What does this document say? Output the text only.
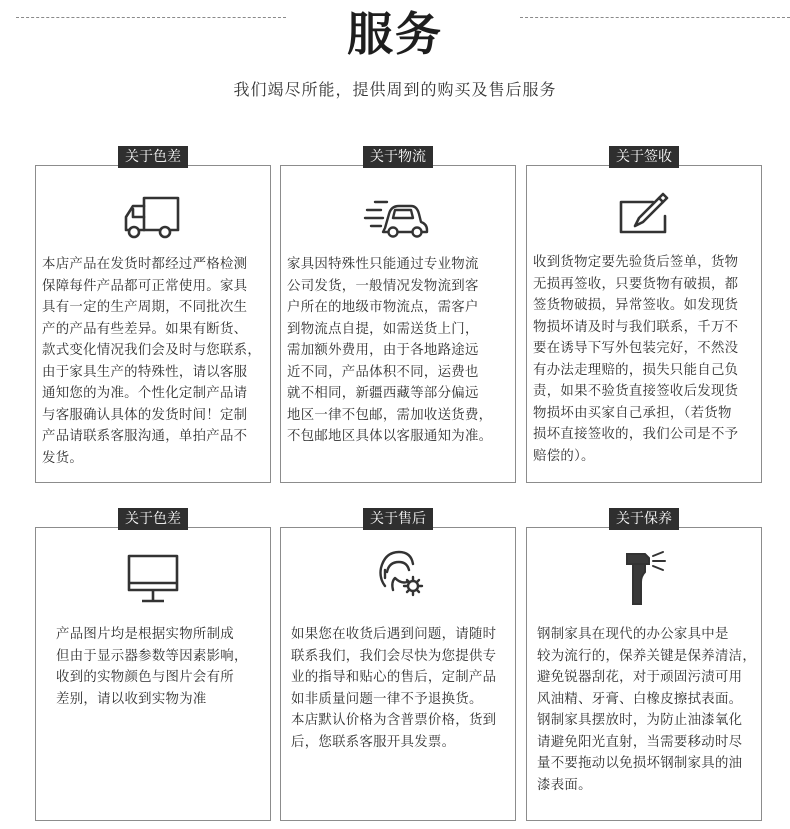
服务
我们竭尽所能，提供周到的购买及售后服务
关于色差
本店产品在发货时都经过严格检测
保障每件产品都可正常使用。家具
具有一定的生产周期，不同批次生
产的产品有些差异。如果有断货、
款式变化情况我们会及时与您联系，
由于家具生产的特殊性，请以客服
通知您的为准。个性化定制产品请
与客服确认具体的发货时间！定制
产品请联系客服沟通，单拍产品不
发货。
关于物流
家具因特殊性只能通过专业物流
公司发货，一般情况发物流到客
户所在的地级市物流点，需客户
到物流点自提，如需送货上门，
需加额外费用，由于各地路途远
近不同，产品体积不同，运费也
就不相同，新疆西藏等部分偏远
地区一律不包邮，需加收送货费，
不包邮地区具体以客服通知为准。
关于签收
收到货物定要先验货后签单，货物
无损再签收，只要货物有破损，都
签货物破损，异常签收。如发现货
物损坏请及时与我们联系，千万不
要在诱导下写外包装完好，不然没
有办法走理赔的，损失只能自己负
责，如果不验货直接签收后发现货
物损坏由买家自己承担，（若货物
损坏直接签收的，我们公司是不予
赔偿的）。
关于色差
产品图片均是根据实物所制成
但由于显示器参数等因素影响，
收到的实物颜色与图片会有所
差别，请以收到实物为准
关于售后
如果您在收货后遇到问题，请随时
联系我们，我们会尽快为您提供专
业的指导和贴心的售后，定制产品
如非质量问题一律不予退换货。
本店默认价格为含普票价格，货到
后，您联系客服开具发票。
关于保养
钢制家具在现代的办公家具中是
较为流行的，保养关键是保养清洁，
避免锐器刮花，对于顽固污渍可用
风油精、牙膏、白橡皮擦拭表面。
钢制家具摆放时，为防止油漆氧化
请避免阳光直射，当需要移动时尽
量不要拖动以免损坏钢制家具的油
漆表面。
